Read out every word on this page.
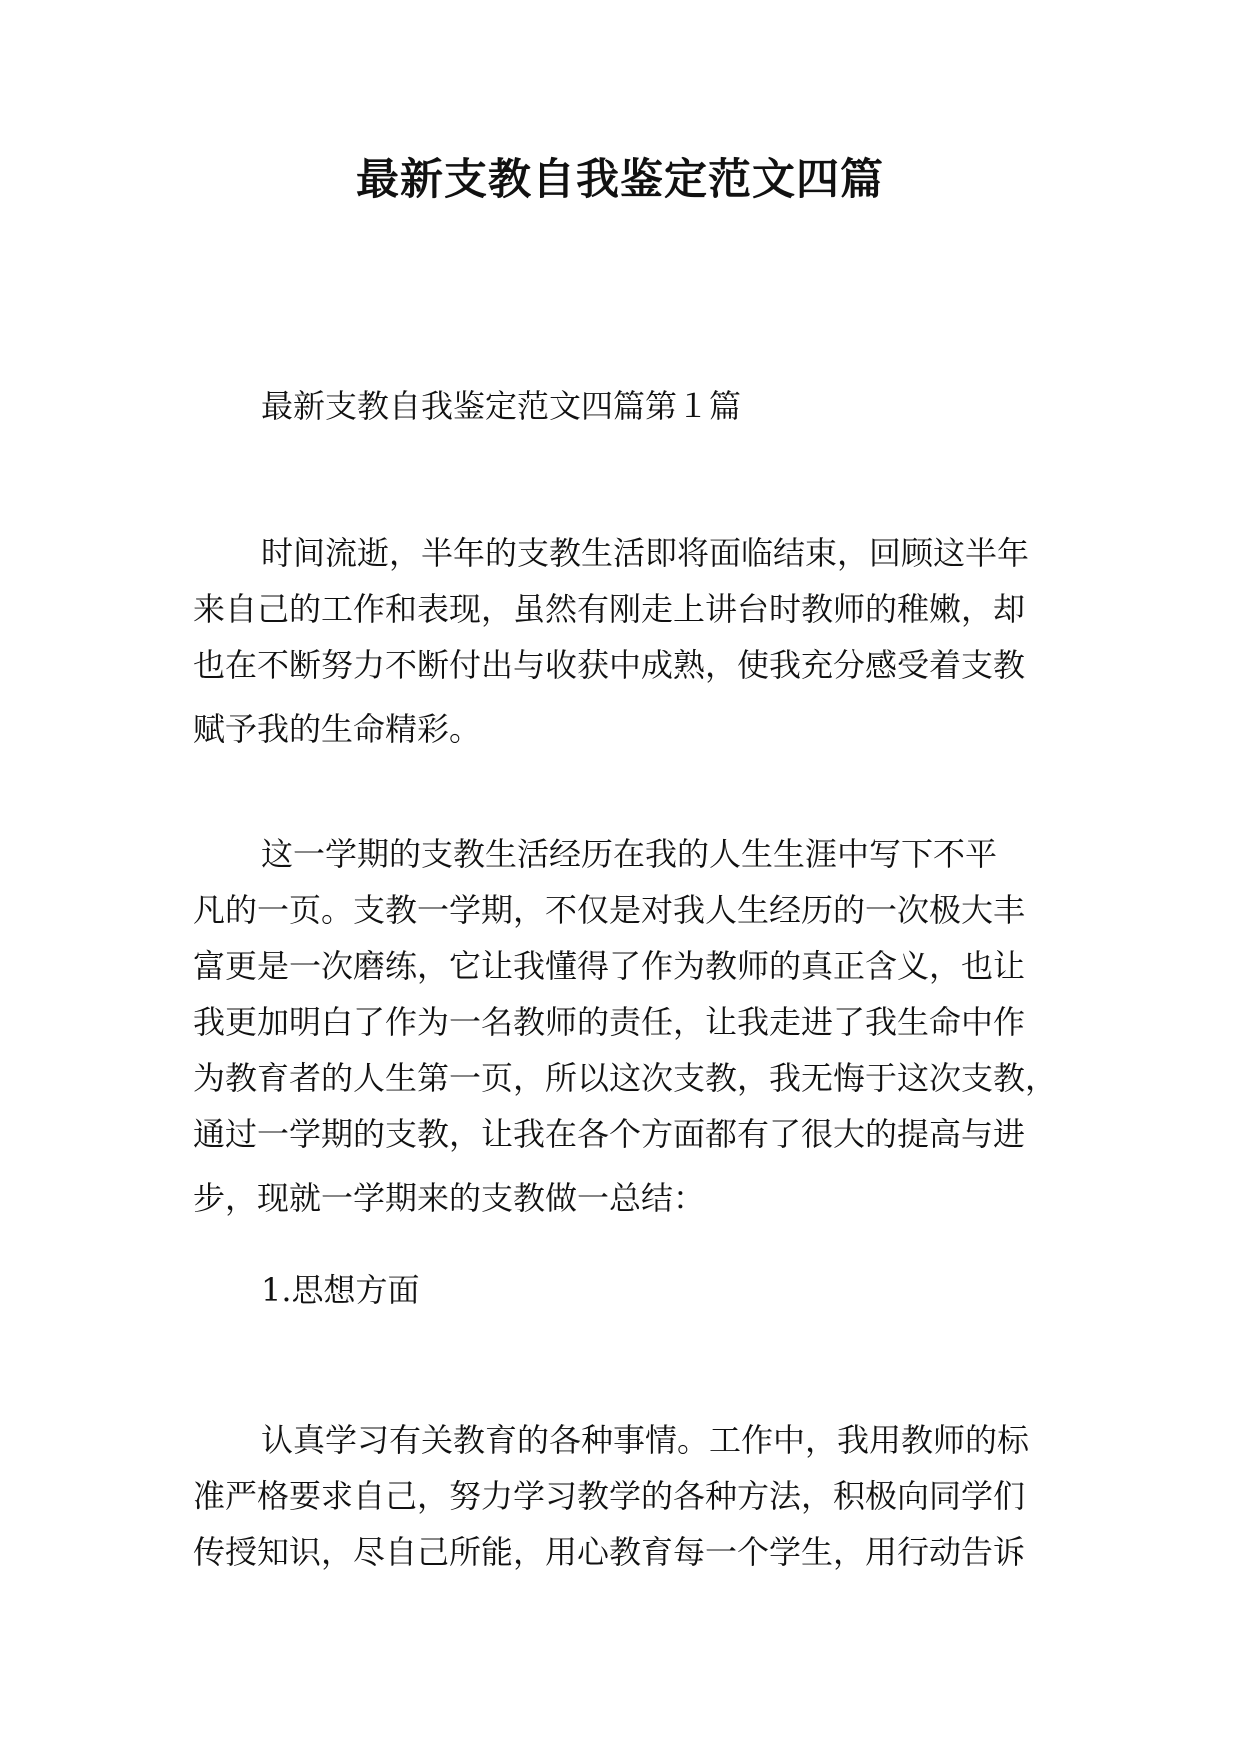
最新支教自我鉴定范文四篇

最新支教自我鉴定范文四篇第１篇

时间流逝，半年的支教生活即将面临结束，回顾这半年
来自己的工作和表现，虽然有刚走上讲台时教师的稚嫩，却
也在不断努力不断付出与收获中成熟，使我充分感受着支教
赋予我的生命精彩。
这一学期的支教生活经历在我的人生生涯中写下不平
凡的一页。支教一学期，不仅是对我人生经历的一次极大丰
富更是一次磨练，它让我懂得了作为教师的真正含义，也让
我更加明白了作为一名教师的责任，让我走进了我生命中作
为教育者的人生第一页，所以这次支教，我无悔于这次支教，
通过一学期的支教，让我在各个方面都有了很大的提高与进
步，现就一学期来的支教做一总结：

1.思想方面

认真学习有关教育的各种事情。工作中，我用教师的标
准严格要求自己，努力学习教学的各种方法，积极向同学们
传授知识，尽自己所能，用心教育每一个学生，用行动告诉
